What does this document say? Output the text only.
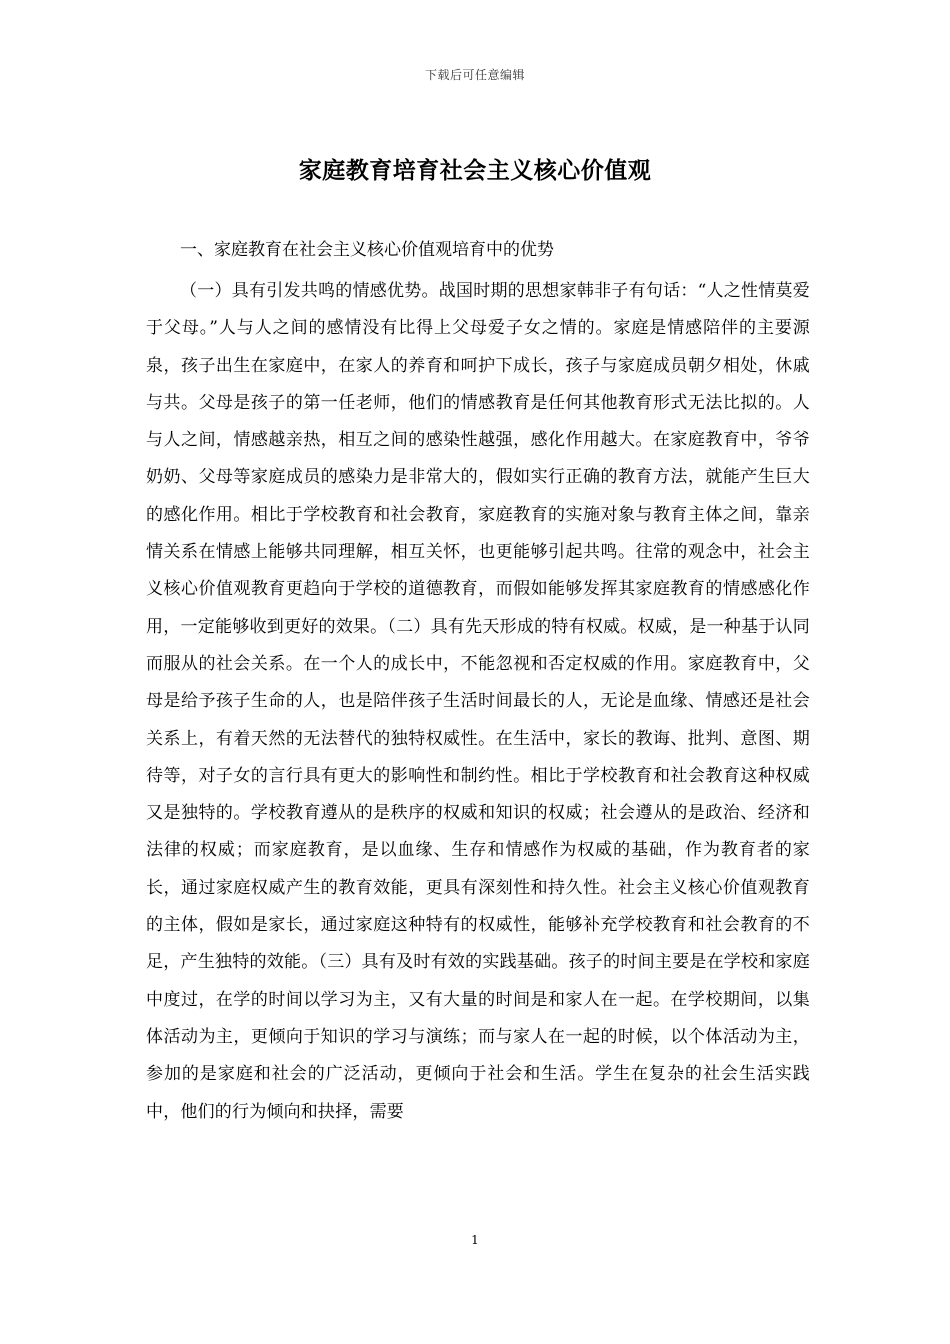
下载后可任意编辑
家庭教育培育社会主义核心价值观

一、家庭教育在社会主义核心价值观培育中的优势

（一）具有引发共鸣的情感优势。战国时期的思想家韩非子有句话：“人之性情莫爱于父母。”人与人之间的感情没有比得上父母爱子女之情的。家庭是情感陪伴的主要源泉，孩子出生在家庭中，在家人的养育和呵护下成长，孩子与家庭成员朝夕相处，休戚与共。父母是孩子的第一任老师，他们的情感教育是任何其他教育形式无法比拟的。人与人之间，情感越亲热，相互之间的感染性越强，感化作用越大。在家庭教育中，爷爷奶奶、父母等家庭成员的感染力是非常大的，假如实行正确的教育方法，就能产生巨大的感化作用。相比于学校教育和社会教育，家庭教育的实施对象与教育主体之间，靠亲情关系在情感上能够共同理解，相互关怀，也更能够引起共鸣。往常的观念中，社会主义核心价值观教育更趋向于学校的道德教育，而假如能够发挥其家庭教育的情感感化作用，一定能够收到更好的效果。（二）具有先天形成的特有权威。权威，是一种基于认同而服从的社会关系。在一个人的成长中，不能忽视和否定权威的作用。家庭教育中，父母是给予孩子生命的人，也是陪伴孩子生活时间最长的人，无论是血缘、情感还是社会关系上，有着天然的无法替代的独特权威性。在生活中，家长的教诲、批判、意图、期待等，对子女的言行具有更大的影响性和制约性。相比于学校教育和社会教育这种权威又是独特的。学校教育遵从的是秩序的权威和知识的权威；社会遵从的是政治、经济和法律的权威；而家庭教育，是以血缘、生存和情感作为权威的基础，作为教育者的家长，通过家庭权威产生的教育效能，更具有深刻性和持久性。社会主义核心价值观教育的主体，假如是家长，通过家庭这种特有的权威性，能够补充学校教育和社会教育的不足，产生独特的效能。（三）具有及时有效的实践基础。孩子的时间主要是在学校和家庭中度过，在学的时间以学习为主，又有大量的时间是和家人在一起。在学校期间，以集体活动为主，更倾向于知识的学习与演练；而与家人在一起的时候，以个体活动为主，参加的是家庭和社会的广泛活动，更倾向于社会和生活。学生在复杂的社会生活实践中，他们的行为倾向和抉择，需要

1
